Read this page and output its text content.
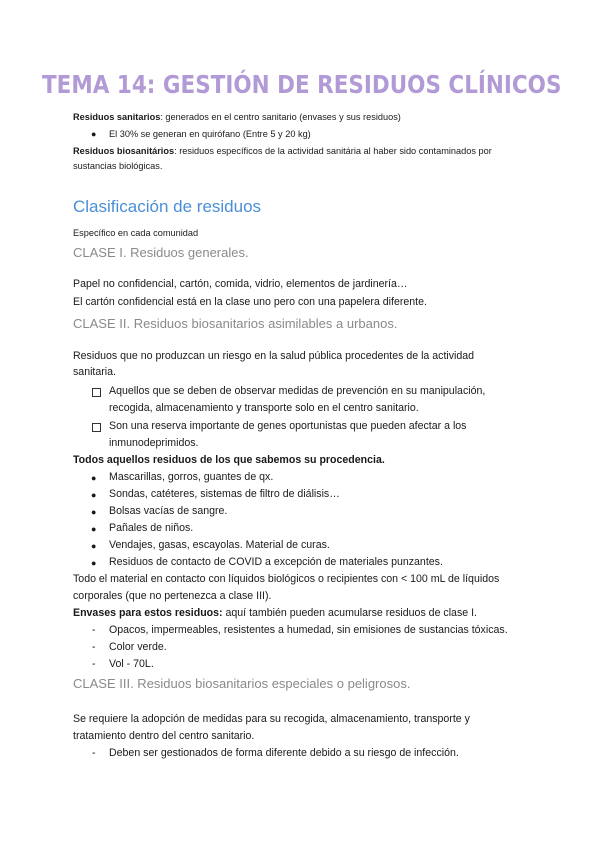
TEMA 14: GESTIÓN DE RESIDUOS CLÍNICOS
Residuos sanitarios: generados en el centro sanitario (envases y sus residuos)
● El 30% se generan en quirófano (Entre 5 y 20 kg)
Residuos biosanitários: residuos específicos de la actividad sanitária al haber sido contaminados por
sustancias biológicas.
Clasificación de residuos
Específico en cada comunidad
CLASE I. Residuos generales.
Papel no confidencial, cartón, comida, vidrio, elementos de jardinería…
El cartón confidencial está en la clase uno pero con una papelera diferente.
CLASE II. Residuos biosanitarios asimilables a urbanos.
Residuos que no produzcan un riesgo en la salud pública procedentes de la actividad
sanitaria.
Aquellos que se deben de observar medidas de prevención en su manipulación,
recogida, almacenamiento y transporte solo en el centro sanitario.
Son una reserva importante de genes oportunistas que pueden afectar a los
inmunodeprimidos.
Todos aquellos residuos de los que sabemos su procedencia.
● Mascarillas, gorros, guantes de qx.
● Sondas, catéteres, sistemas de filtro de diálisis…
● Bolsas vacías de sangre.
● Pañales de niños.
● Vendajes, gasas, escayolas. Material de curas.
● Residuos de contacto de COVID a excepción de materiales punzantes.
Todo el material en contacto con líquidos biológicos o recipientes con < 100 mL de líquidos
corporales (que no pertenezca a clase III).
Envases para estos residuos: aquí también pueden acumularse residuos de clase I.
- Opacos, impermeables, resistentes a humedad, sin emisiones de sustancias tóxicas.
- Color verde.
- Vol - 70L.
CLASE III. Residuos biosanitarios especiales o peligrosos.
Se requiere la adopción de medidas para su recogida, almacenamiento, transporte y
tratamiento dentro del centro sanitario.
- Deben ser gestionados de forma diferente debido a su riesgo de infección.
